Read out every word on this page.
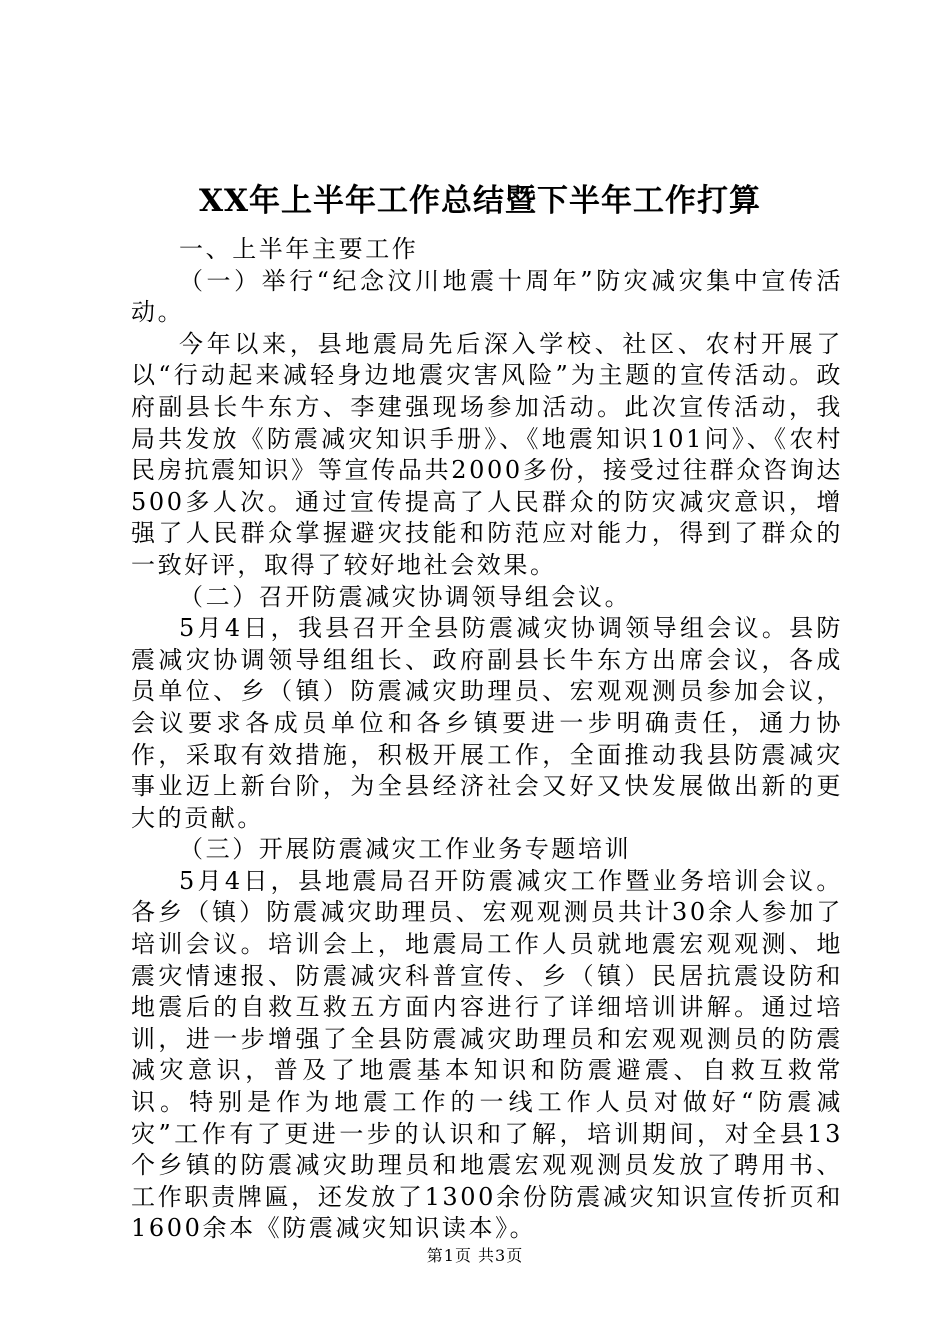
XX年上半年工作总结暨下半年工作打算

一、上半年主要工作

（一）举行“纪念汶川地震十周年”防灾减灾集中宣传活动。

今年以来，县地震局先后深入学校、社区、农村开展了以“行动起来减轻身边地震灾害风险”为主题的宣传活动。政府副县长牛东方、李建强现场参加活动。此次宣传活动，我局共发放《防震减灾知识手册》、《地震知识101问》、《农村民房抗震知识》等宣传品共2000多份，接受过往群众咨询达500多人次。通过宣传提高了人民群众的防灾减灾意识，增强了人民群众掌握避灾技能和防范应对能力，得到了群众的一致好评，取得了较好地社会效果。

（二）召开防震减灾协调领导组会议。

5月4日，我县召开全县防震减灾协调领导组会议。县防震减灾协调领导组组长、政府副县长牛东方出席会议，各成员单位、乡（镇）防震减灾助理员、宏观观测员参加会议，会议要求各成员单位和各乡镇要进一步明确责任，通力协作，采取有效措施，积极开展工作，全面推动我县防震减灾事业迈上新台阶，为全县经济社会又好又快发展做出新的更大的贡献。

（三）开展防震减灾工作业务专题培训

5月4日，县地震局召开防震减灾工作暨业务培训会议。各乡（镇）防震减灾助理员、宏观观测员共计30余人参加了培训会议。培训会上，地震局工作人员就地震宏观观测、地震灾情速报、防震减灾科普宣传、乡（镇）民居抗震设防和地震后的自救互救五方面内容进行了详细培训讲解。通过培训，进一步增强了全县防震减灾助理员和宏观观测员的防震减灾意识，普及了地震基本知识和防震避震、自救互救常识。特别是作为地震工作的一线工作人员对做好“防震减灾”工作有了更进一步的认识和了解，培训期间，对全县13个乡镇的防震减灾助理员和地震宏观观测员发放了聘用书、工作职责牌匾，还发放了1300余份防震减灾知识宣传折页和1600余本《防震减灾知识读本》。

第1页 共3页
